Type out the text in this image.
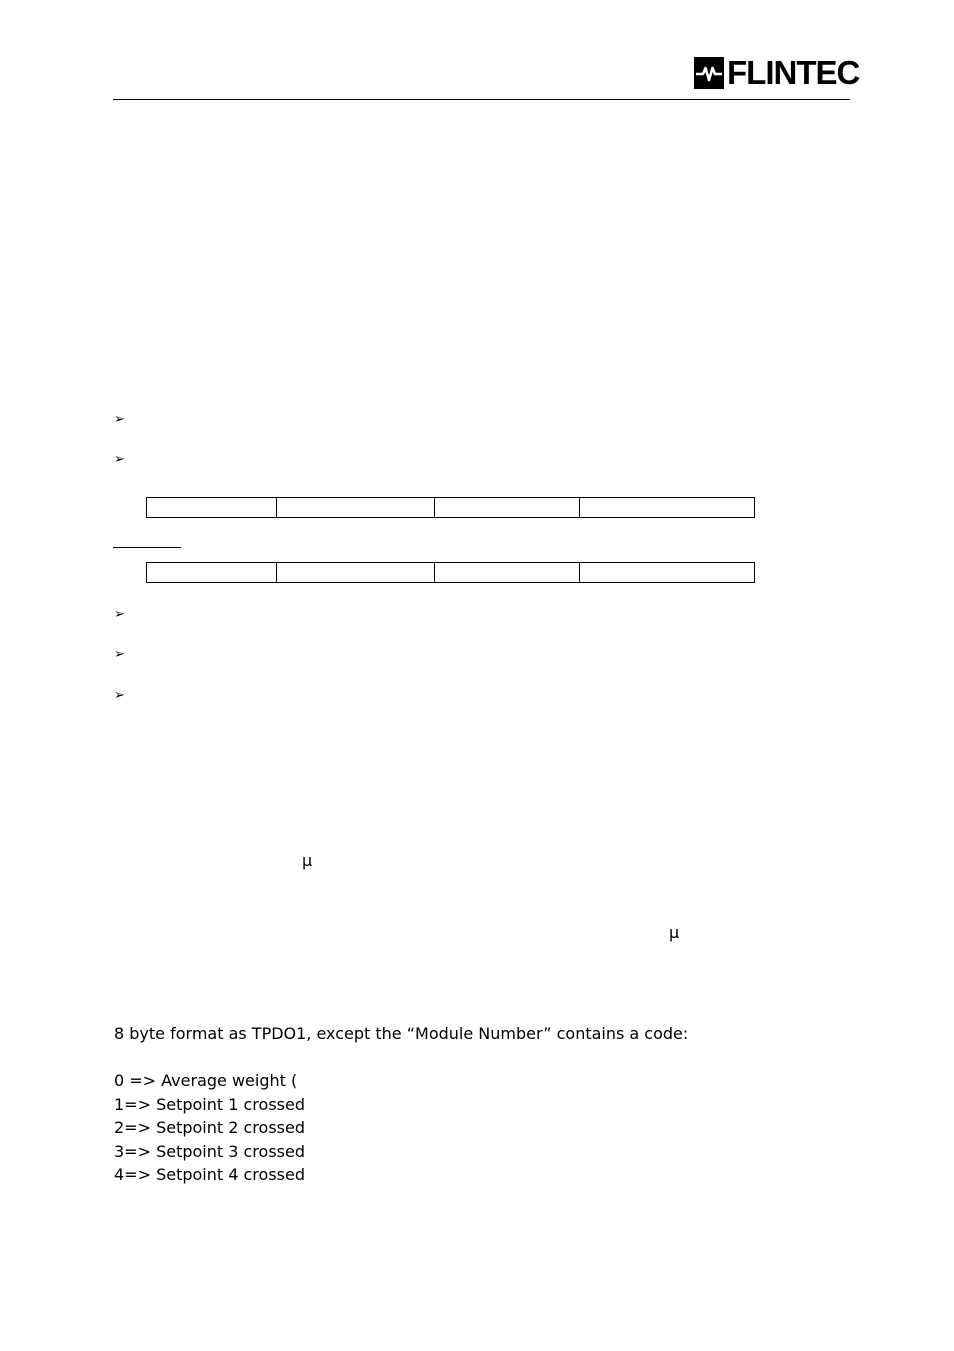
FLINTEC
➢
➢

➢
➢
➢
µ
µ
8 byte format as TPDO1, except the “Module Number” contains a code:
0 => Average weight (
1=> Setpoint 1 crossed
2=> Setpoint 2 crossed
3=> Setpoint 3 crossed
4=> Setpoint 4 crossed
